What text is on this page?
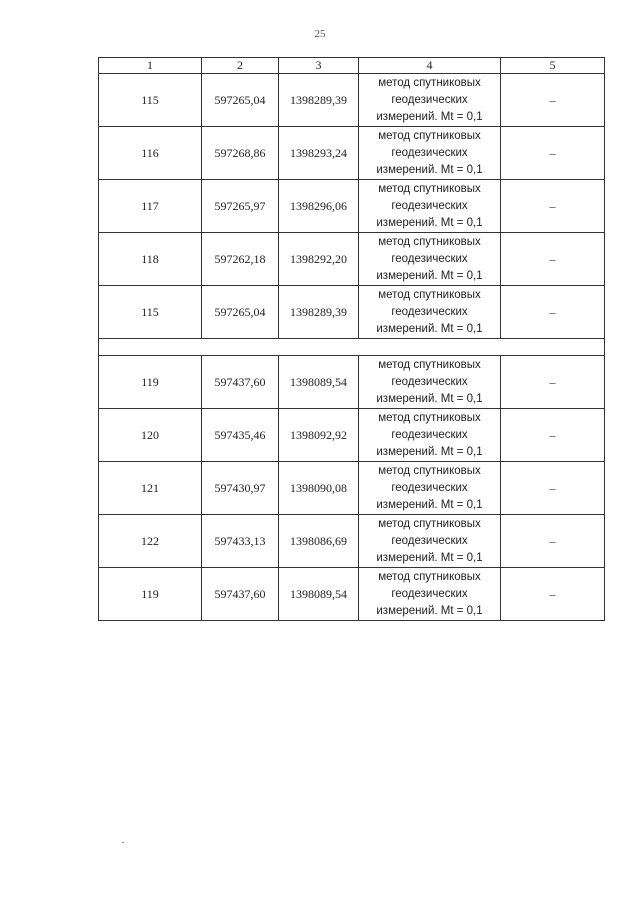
25
1	2	3	4	5
115	597265,04	1398289,39	метод спутниковых
геодезических
измерений. Mt = 0,1	–
116	597268,86	1398293,24	метод спутниковых
геодезических
измерений. Mt = 0,1	–
117	597265,97	1398296,06	метод спутниковых
геодезических
измерений. Mt = 0,1	–
118	597262,18	1398292,20	метод спутниковых
геодезических
измерений. Mt = 0,1	–
115	597265,04	1398289,39	метод спутниковых
геодезических
измерений. Mt = 0,1	–

119	597437,60	1398089,54	метод спутниковых
геодезических
измерений. Mt = 0,1	–
120	597435,46	1398092,92	метод спутниковых
геодезических
измерений. Mt = 0,1	–
121	597430,97	1398090,08	метод спутниковых
геодезических
измерений. Mt = 0,1	–
122	597433,13	1398086,69	метод спутниковых
геодезических
измерений. Mt = 0,1	–
119	597437,60	1398089,54	метод спутниковых
геодезических
измерений. Mt = 0,1	–
